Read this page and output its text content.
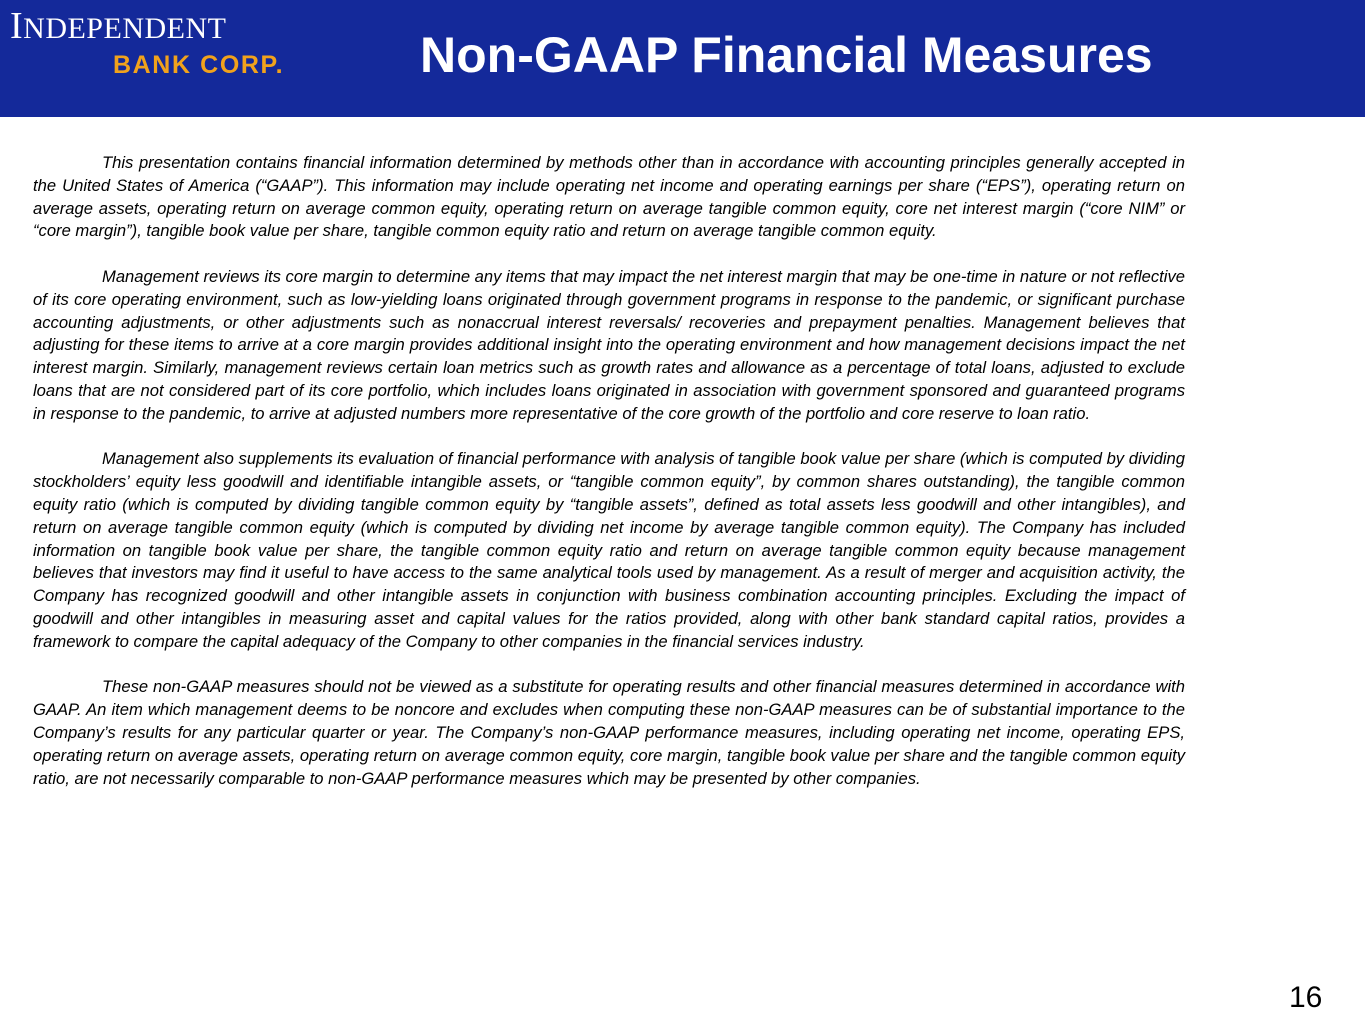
INDEPENDENT
BANK CORP.	Non-GAAP Financial Measures

This presentation contains financial information determined by methods other than in accordance with accounting principles generally accepted in the United States of America (“GAAP”). This information may include operating net income and operating earnings per share (“EPS”), operating return on average assets, operating return on average common equity, operating return on average tangible common equity, core net interest margin (“core NIM” or “core margin”), tangible book value per share, tangible common equity ratio and return on average tangible common equity.

Management reviews its core margin to determine any items that may impact the net interest margin that may be one-time in nature or not reflective of its core operating environment, such as low-yielding loans originated through government programs in response to the pandemic, or significant purchase accounting adjustments, or other adjustments such as nonaccrual interest reversals/ recoveries and prepayment penalties. Management believes that adjusting for these items to arrive at a core margin provides additional insight into the operating environment and how management decisions impact the net interest margin. Similarly, management reviews certain loan metrics such as growth rates and allowance as a percentage of total loans, adjusted to exclude loans that are not considered part of its core portfolio, which includes loans originated in association with government sponsored and guaranteed programs in response to the pandemic, to arrive at adjusted numbers more representative of the core growth of the portfolio and core reserve to loan ratio.

Management also supplements its evaluation of financial performance with analysis of tangible book value per share (which is computed by dividing stockholders’ equity less goodwill and identifiable intangible assets, or “tangible common equity”, by common shares outstanding), the tangible common equity ratio (which is computed by dividing tangible common equity by “tangible assets”, defined as total assets less goodwill and other intangibles), and return on average tangible common equity (which is computed by dividing net income by average tangible common equity). The Company has included information on tangible book value per share, the tangible common equity ratio and return on average tangible common equity because management believes that investors may find it useful to have access to the same analytical tools used by management. As a result of merger and acquisition activity, the Company has recognized goodwill and other intangible assets in conjunction with business combination accounting principles. Excluding the impact of goodwill and other intangibles in measuring asset and capital values for the ratios provided, along with other bank standard capital ratios, provides a framework to compare the capital adequacy of the Company to other companies in the financial services industry.

These non-GAAP measures should not be viewed as a substitute for operating results and other financial measures determined in accordance with GAAP. An item which management deems to be noncore and excludes when computing these non-GAAP measures can be of substantial importance to the Company’s results for any particular quarter or year. The Company’s non-GAAP performance measures, including operating net income, operating EPS, operating return on average assets, operating return on average common equity, core margin, tangible book value per share and the tangible common equity ratio, are not necessarily comparable to non-GAAP performance measures which may be presented by other companies.

16
